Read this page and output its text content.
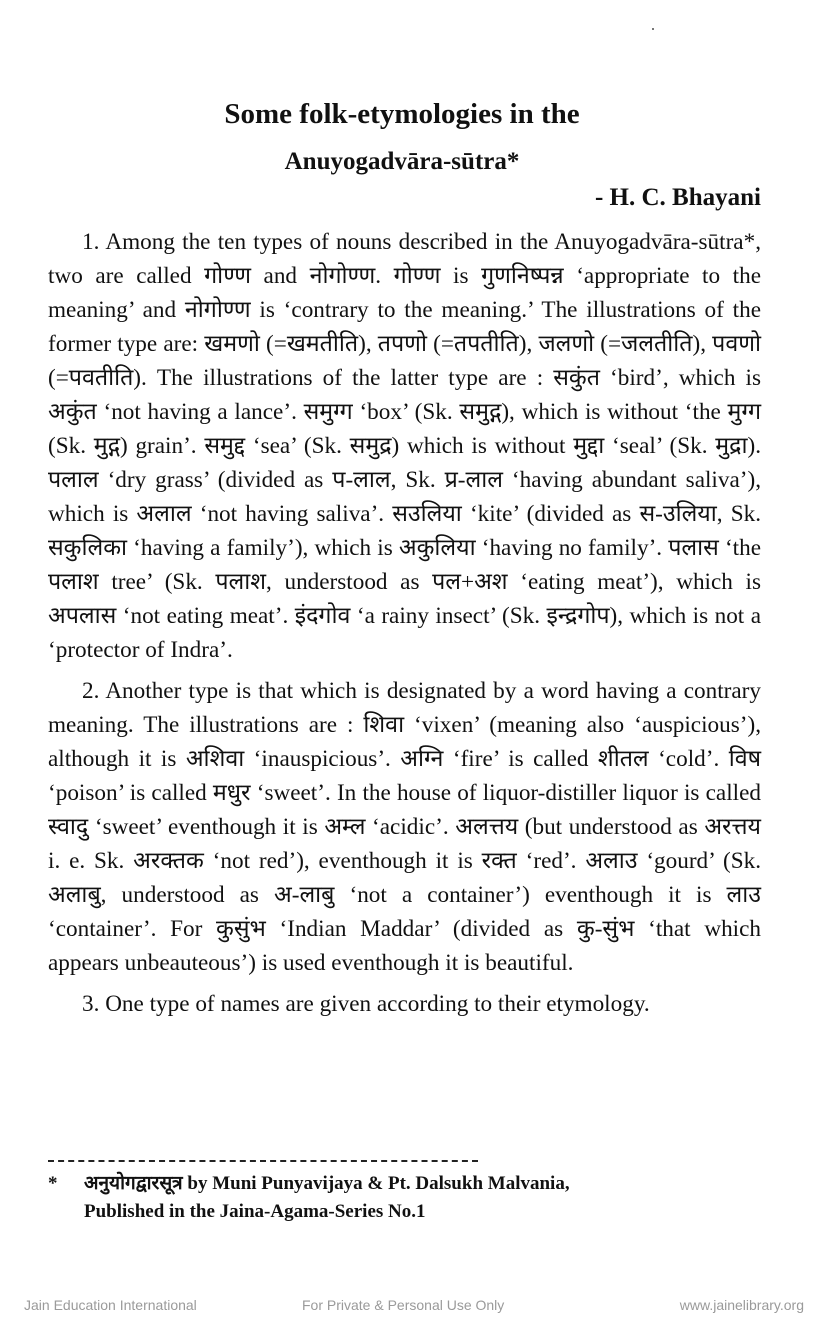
Some folk-etymologies in the
Anuyogadvāra-sūtra*
- H. C. Bhayani

1. Among the ten types of nouns described in the Anuyogadvāra-sūtra*, two are called गोण्ण and नोगोण्ण. गोण्ण is गुणनिष्पन्न ‘appropriate to the meaning’ and नोगोण्ण is ‘contrary to the meaning.’ The illustrations of the former type are: खमणो (=खमतीति), तपणो (=तपतीति), जलणो (=जलतीति), पवणो (=पवतीति). The illustrations of the latter type are : सकुंत ‘bird’, which is अकुंत ‘not having a lance’. समुग्ग ‘box’ (Sk. समुद्ग), which is without ‘the मुग्ग (Sk. मुद्ग) grain’. समुद्द ‘sea’ (Sk. समुद्र) which is without मुद्दा ‘seal’ (Sk. मुद्रा). पलाल ‘dry grass’ (divided as प-लाल, Sk. प्र-लाल ‘having abundant saliva’), which is अलाल ‘not having saliva’. सउलिया ‘kite’ (divided as स-उलिया, Sk. सकुलिका ‘having a family’), which is अकुलिया ‘having no family’. पलास ‘the पलाश tree’ (Sk. पलाश, understood as पल+अश ‘eating meat’), which is अपलास ‘not eating meat’. इंदगोव ‘a rainy insect’ (Sk. इन्द्रगोप), which is not a ‘protector of Indra’.

2. Another type is that which is designated by a word having a contrary meaning. The illustrations are : शिवा ‘vixen’ (meaning also ‘auspicious’), although it is अशिवा ‘inauspicious’. अग्नि ‘fire’ is called शीतल ‘cold’. विष ‘poison’ is called मधुर ‘sweet’. In the house of liquor-distiller liquor is called स्वादु ‘sweet’ eventhough it is अम्ल ‘acidic’. अलत्तय (but understood as अरत्तय i. e. Sk. अरक्तक ‘not red’), eventhough it is रक्त ‘red’. अलाउ ‘gourd’ (Sk. अलाबु, understood as अ-लाबु ‘not a container’) eventhough it is लाउ ‘container’. For कुसुंभ ‘Indian Maddar’ (divided as कु-सुंभ ‘that which appears unbeauteous’) is used eventhough it is beautiful.

3. One type of names are given according to their etymology.

* अनुयोगद्वारसूत्र by Muni Punyavijaya & Pt. Dalsukh Malvania,
Published in the Jaina-Agama-Series No.1
Jain Education International	For Private & Personal Use Only	www.jainelibrary.org
